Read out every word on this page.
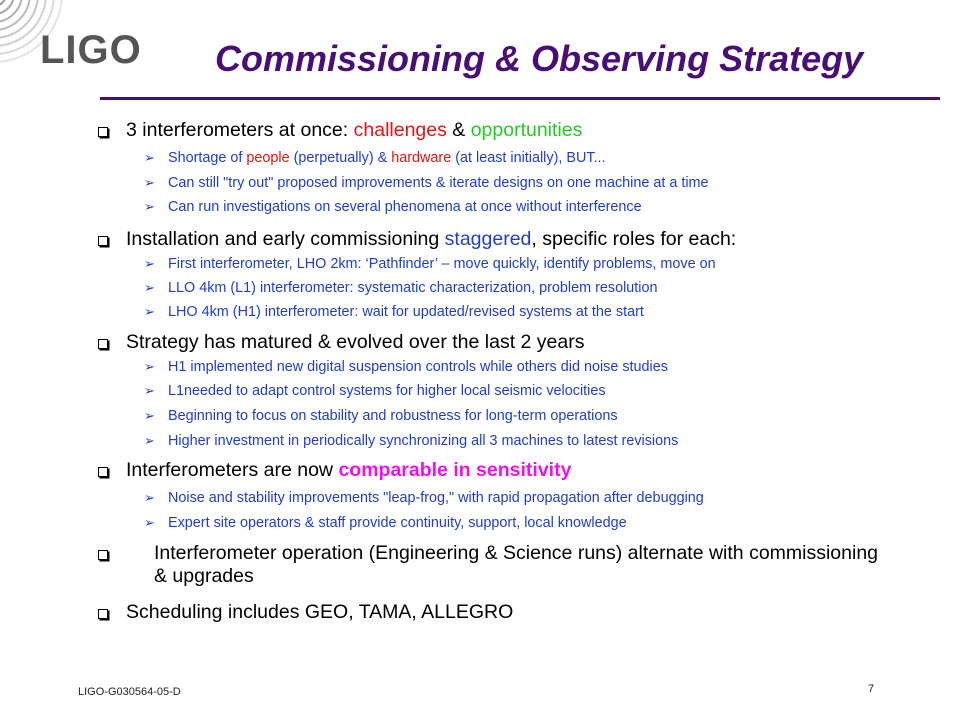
LIGO Commissioning & Observing Strategy
3 interferometers at once: challenges & opportunities
➢ Shortage of people (perpetually) & hardware (at least initially), BUT...
➢ Can still "try out" proposed improvements & iterate designs on one machine at a time
➢ Can run investigations on several phenomena at once without interference
Installation and early commissioning staggered, specific roles for each:
➢ First interferometer, LHO 2km: ‘Pathfinder’ – move quickly, identify problems, move on
➢ LLO 4km (L1) interferometer: systematic characterization, problem resolution
➢ LHO 4km (H1) interferometer: wait for updated/revised systems at the start
Strategy has matured & evolved over the last 2 years
➢ H1 implemented new digital suspension controls while others did noise studies
➢ L1needed to adapt control systems for higher local seismic velocities
➢ Beginning to focus on stability and robustness for long-term operations
➢ Higher investment in periodically synchronizing all 3 machines to latest revisions
Interferometers are now comparable in sensitivity
➢ Noise and stability improvements "leap-frog," with rapid propagation after debugging
➢ Expert site operators & staff provide continuity, support, local knowledge
Interferometer operation (Engineering & Science runs) alternate with commissioning & upgrades
Scheduling includes GEO, TAMA, ALLEGRO
LIGO-G030564-05-D	7
